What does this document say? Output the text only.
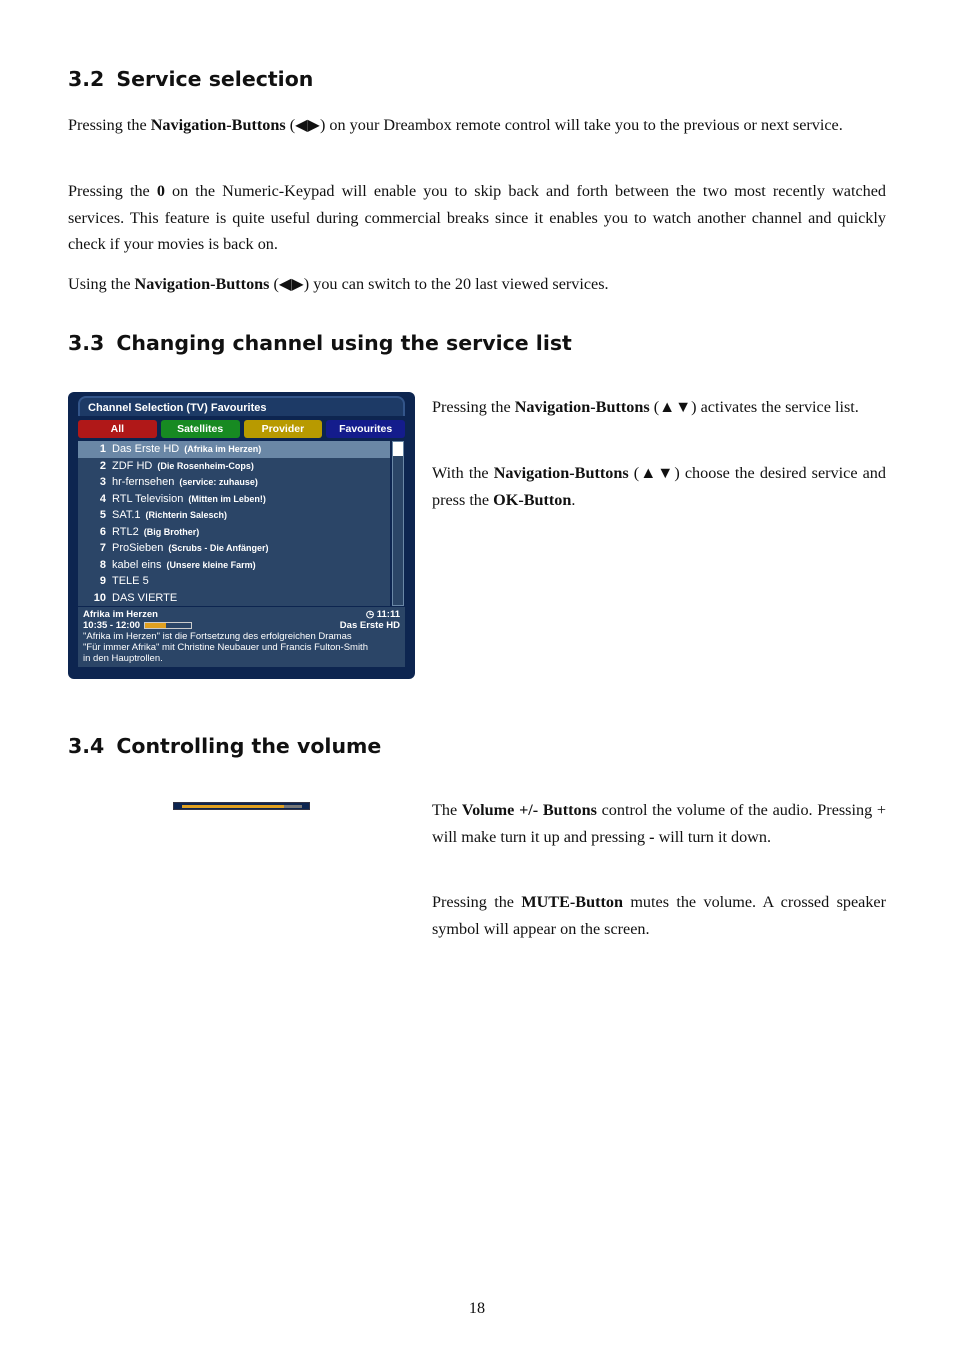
3.2 Service selection

Pressing the Navigation-Buttons (◀▶) on your Dreambox remote control will take you to the previous or next service.

Pressing the 0 on the Numeric-Keypad will enable you to skip back and forth between the two most recently watched services. This feature is quite useful during commercial breaks since it enables you to watch another channel and quickly check if your movies is back on.

Using the Navigation-Buttons (◀▶) you can switch to the 20 last viewed services.

3.3 Changing channel using the service list
Channel Selection (TV) Favourites
All	Satellites	Provider	Favourites
1 Das Erste HD (Afrika im Herzen)
2 ZDF HD (Die Rosenheim-Cops)
3 hr-fernsehen (service: zuhause)
4 RTL Television (Mitten im Leben!)
5 SAT.1 (Richterin Salesch)
6 RTL2 (Big Brother)
7 ProSieben (Scrubs - Die Anfänger)
8 kabel eins (Unsere kleine Farm)
9 TELE 5
10 DAS VIERTE
Afrika im Herzen	◷ 11:11
10:35 - 12:00	Das Erste HD
"Afrika im Herzen" ist die Fortsetzung des erfolgreichen Dramas
"Für immer Afrika" mit Christine Neubauer und Francis Fulton-Smith
in den Hauptrollen.

Pressing the Navigation-Buttons (▲▼) activates the service list.

With the Navigation-Buttons (▲▼) choose the desired service and press the OK-Button.

3.4 Controlling the volume

The Volume +/- Buttons control the volume of the audio. Pressing + will make turn it up and pressing - will turn it down.

Pressing the MUTE-Button mutes the volume. A crossed speaker symbol will appear on the screen.

18
